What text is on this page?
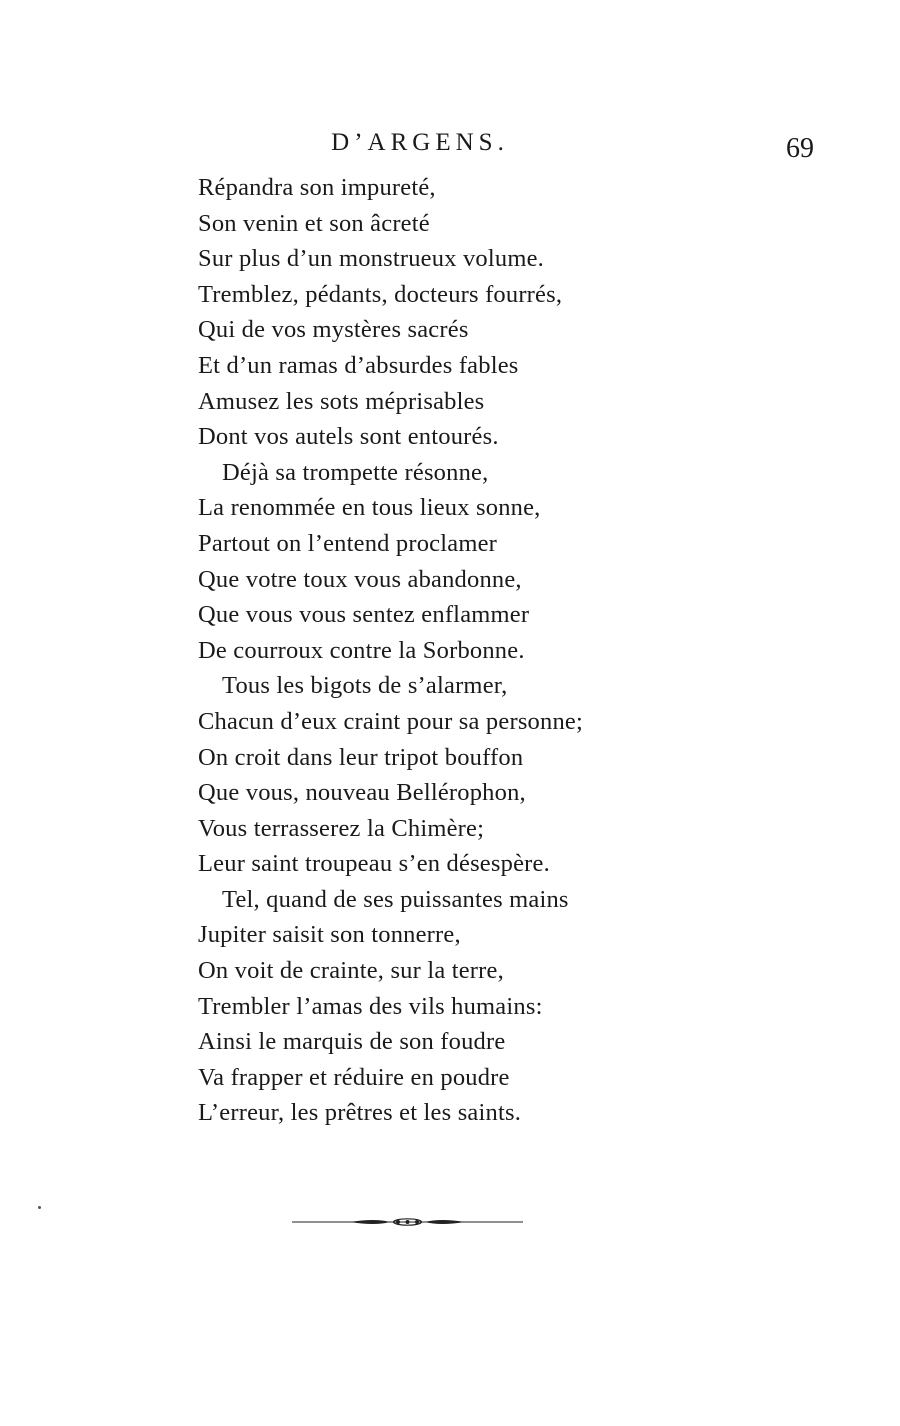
D’ARGENS.	69
Répandra son impureté,
Son venin et son âcreté
Sur plus d’un monstrueux volume.
Tremblez, pédants, docteurs fourrés,
Qui de vos mystères sacrés
Et d’un ramas d’absurdes fables
Amusez les sots méprisables
Dont vos autels sont entourés.
Déjà sa trompette résonne,
La renommée en tous lieux sonne,
Partout on l’entend proclamer
Que votre toux vous abandonne,
Que vous vous sentez enflammer
De courroux contre la Sorbonne.
Tous les bigots de s’alarmer,
Chacun d’eux craint pour sa personne;
On croit dans leur tripot bouffon
Que vous, nouveau Bellérophon,
Vous terrasserez la Chimère;
Leur saint troupeau s’en désespère.
Tel, quand de ses puissantes mains
Jupiter saisit son tonnerre,
On voit de crainte, sur la terre,
Trembler l’amas des vils humains:
Ainsi le marquis de son foudre
Va frapper et réduire en poudre
L’erreur, les prêtres et les saints.
